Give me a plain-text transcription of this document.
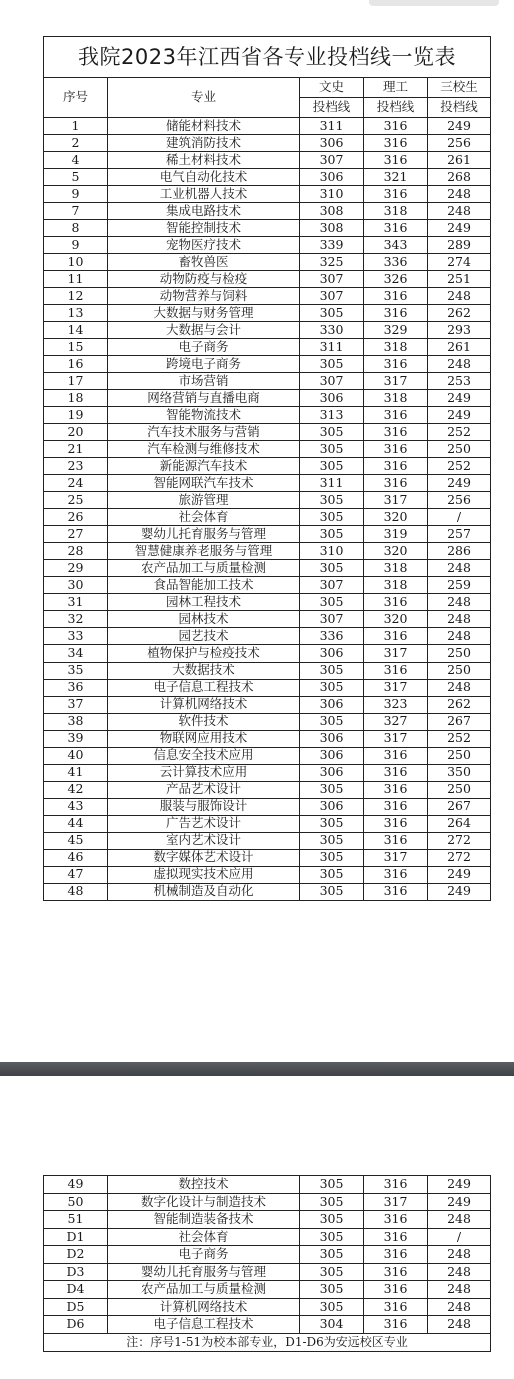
我院2023年江西省各专业投档线一览表				
序号	专业	文史	理工	三校生
		投档线	投档线	投档线
1	储能材料技术	311	316	249
2	建筑消防技术	306	316	256
4	稀土材料技术	307	316	261
5	电气自动化技术	306	321	268
9	工业机器人技术	310	316	248
7	集成电路技术	308	318	248
8	智能控制技术	308	316	249
9	宠物医疗技术	339	343	289
10	畜牧兽医	325	336	274
11	动物防疫与检疫	307	326	251
12	动物营养与饲料	307	316	248
13	大数据与财务管理	305	316	262
14	大数据与会计	330	329	293
15	电子商务	311	318	261
16	跨境电子商务	305	316	248
17	市场营销	307	317	253
18	网络营销与直播电商	306	318	249
19	智能物流技术	313	316	249
20	汽车技术服务与营销	305	316	252
21	汽车检测与维修技术	305	316	250
23	新能源汽车技术	305	316	252
24	智能网联汽车技术	311	316	249
25	旅游管理	305	317	256
26	社会体育	305	320	/
27	婴幼儿托育服务与管理	305	319	257
28	智慧健康养老服务与管理	310	320	286
29	农产品加工与质量检测	305	318	248
30	食品智能加工技术	307	318	259
31	园林工程技术	305	316	248
32	园林技术	307	320	248
33	园艺技术	336	316	248
34	植物保护与检疫技术	306	317	250
35	大数据技术	305	316	250
36	电子信息工程技术	305	317	248
37	计算机网络技术	306	323	262
38	软件技术	305	327	267
39	物联网应用技术	306	317	252
40	信息安全技术应用	306	316	250
41	云计算技术应用	306	316	350
42	产品艺术设计	305	316	250
43	服装与服饰设计	306	316	267
44	广告艺术设计	305	316	264
45	室内艺术设计	305	316	272
46	数字媒体艺术设计	305	317	272
47	虚拟现实技术应用	305	316	249
48	机械制造及自动化	305	316	249
49	数控技术	305	316	249
50	数字化设计与制造技术	305	317	249
51	智能制造装备技术	305	316	248
D1	社会体育	305	316	/
D2	电子商务	305	316	248
D3	婴幼儿托育服务与管理	305	316	248
D4	农产品加工与质量检测	305	316	248
D5	计算机网络技术	305	316	248
D6	电子信息工程技术	304	316	248
注：序号1-51为校本部专业，D1-D6为安远校区专业				
